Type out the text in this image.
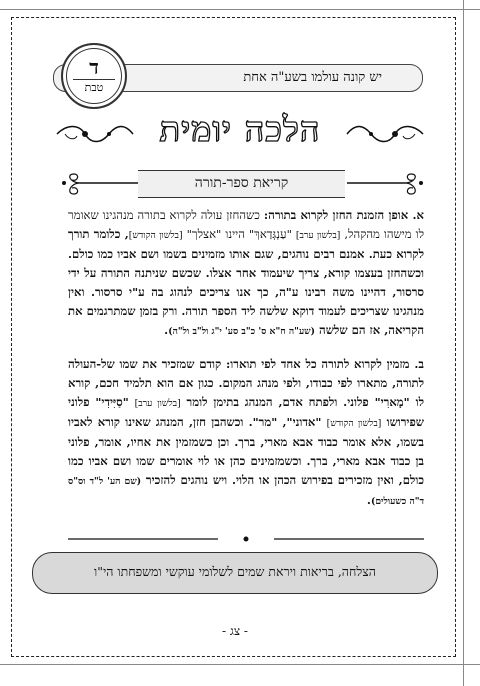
יש קונה עולמו בשע"ה אחת
ד
טבת
הלכה יומית
קריאת ספר-תורה

א. אופן הזמנת החזן לקרוא בתורה: כשהחזן עולה לקרוא בתורה מנהגינו שאומר לו מישהו מהקהל, [בלשון ערב] "עַנְגְּדַאךְ" היינו "אצלך" [בלשון הקודש], כלומר תורך לקרוא כעת. אמנם רבים נוהגים, שגם אותו מזמינים בשמו ושם אביו כמו כולם. וכשהחזן בעצמו קורא, צריך שיעמוד אחר אצלו. שכשם שניתנה התורה על ידי סרסור, דהיינו משה רבינו ע"ה, כך אנו צריכים לנהוג בה ע"י סרסור. ואין מנהגינו שצריכים לעמוד דוקא שלשה ליד הספר תורה. ורק בזמן שמתרגמים את הקריאה, אז הם שלשה (שע"ה ח"א ס' כ"ב סע' י"ג ול"ב ול"ה).

ב. מזמין לקרוא לתורה כל אחד לפי תוארו: קודם שמזכיר את שמו של-העולה לתורה, מתארו לפי כבודו, ולפי מנהג המקום. כגון אם הוא תלמיד חכם, קורא לו "מָארִי" פלוני. ולפתח אדם, המנהג בתימן לומר [בלשון ערב] "סַיִּידִי" פלוני שפירושו [בלשון הקודש] "אדוני", "מר". וכשהבן חזן, המנהג שאינו קורא לאביו בשמו, אלא אומר כבוד אבא מארי, ברך. וכן כשמזמין את אחיו, אומר, פלוני בן כבוד אבא מארי, ברך. וכשמזמינים כהן או לוי אומרים שמו ושם אביו כמו כולם, ואין מזכירים בפירוש הכהן או הלוי. ויש נוהגים להזכיר (שם הע' ל"ד וס"ס ד"ה כשעולים).

הצלחה, בריאות ויראת שמים לשלומי עוקשי ומשפחתו הי"ו
- צג -
